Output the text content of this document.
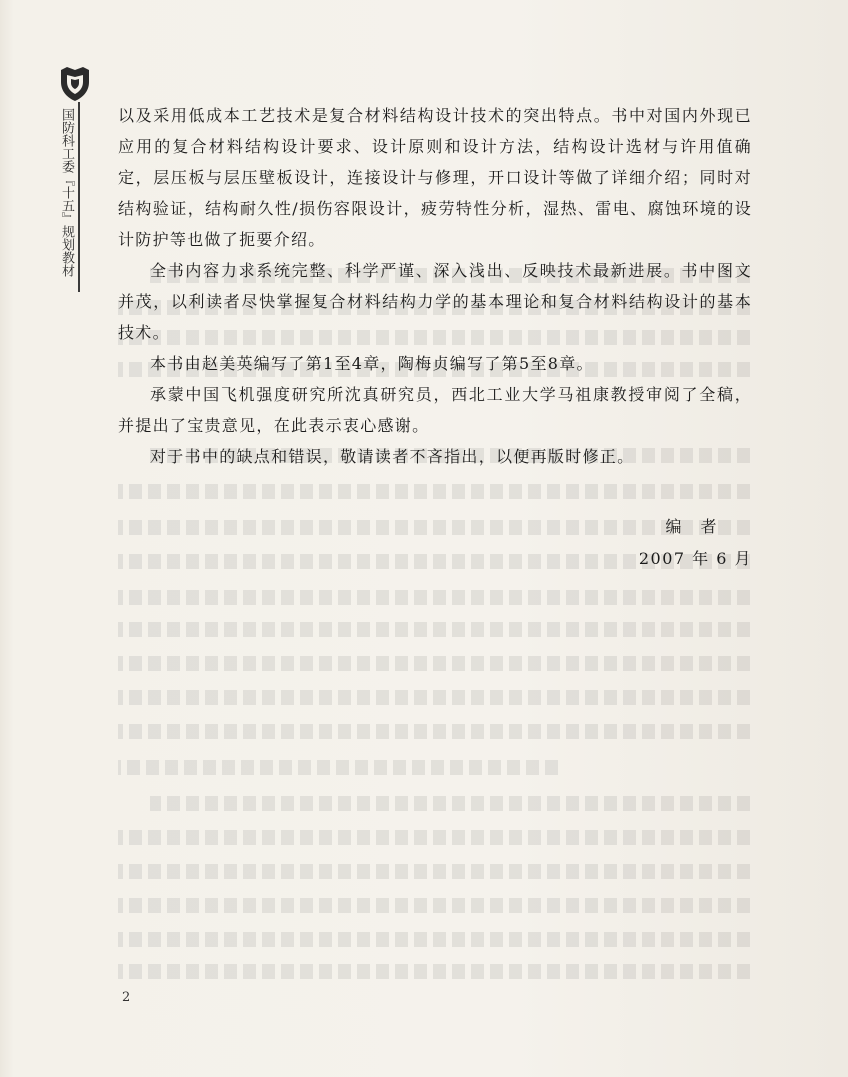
国防科工委『十五』规划教材	以及采用低成本工艺技术是复合材料结构设计技术的突出特点。书中对国内外现已应用的复合材料结构设计要求、设计原则和设计方法，结构设计选材与许用值确定，层压板与层压壁板设计，连接设计与修理，开口设计等做了详细介绍；同时对结构验证，结构耐久性/损伤容限设计，疲劳特性分析，湿热、雷电、腐蚀环境的设计防护等也做了扼要介绍。

全书内容力求系统完整、科学严谨、深入浅出、反映技术最新进展。书中图文并茂，以利读者尽快掌握复合材料结构力学的基本理论和复合材料结构设计的基本技术。

本书由赵美英编写了第1至4章，陶梅贞编写了第5至8章。

承蒙中国飞机强度研究所沈真研究员，西北工业大学马祖康教授审阅了全稿，并提出了宝贵意见，在此表示衷心感谢。

对于书中的缺点和错误，敬请读者不吝指出，以便再版时修正。

编　者
2007 年 6 月
2
